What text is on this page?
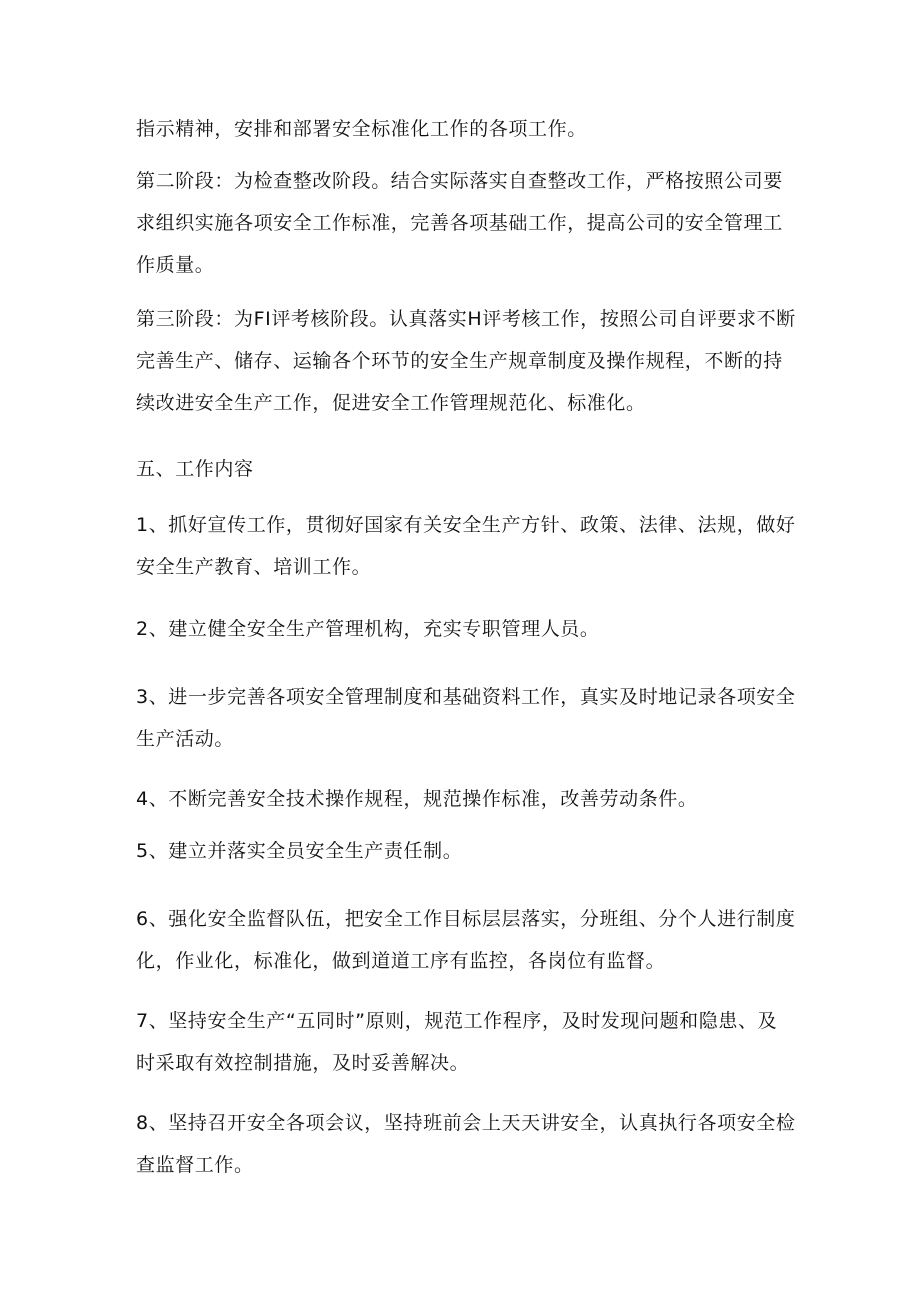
指示精神，安排和部署安全标准化工作的各项工作。

第二阶段：为检查整改阶段。结合实际落实自查整改工作，严格按照公司要求组织实施各项安全工作标准，完善各项基础工作，提高公司的安全管理工作质量。

第三阶段：为FI评考核阶段。认真落实H评考核工作，按照公司自评要求不断完善生产、储存、运输各个环节的安全生产规章制度及操作规程，不断的持续改进安全生产工作，促进安全工作管理规范化、标准化。

五、工作内容

1、抓好宣传工作，贯彻好国家有关安全生产方针、政策、法律、法规，做好安全生产教育、培训工作。

2、建立健全安全生产管理机构，充实专职管理人员。

3、进一步完善各项安全管理制度和基础资料工作，真实及时地记录各项安全生产活动。

4、不断完善安全技术操作规程，规范操作标准，改善劳动条件。

5、建立并落实全员安全生产责任制。

6、强化安全监督队伍，把安全工作目标层层落实，分班组、分个人进行制度化，作业化，标准化，做到道道工序有监控，各岗位有监督。

7、坚持安全生产“五同时”原则，规范工作程序，及时发现问题和隐患、及时采取有效控制措施，及时妥善解决。

8、坚持召开安全各项会议，坚持班前会上天天讲安全，认真执行各项安全检查监督工作。
